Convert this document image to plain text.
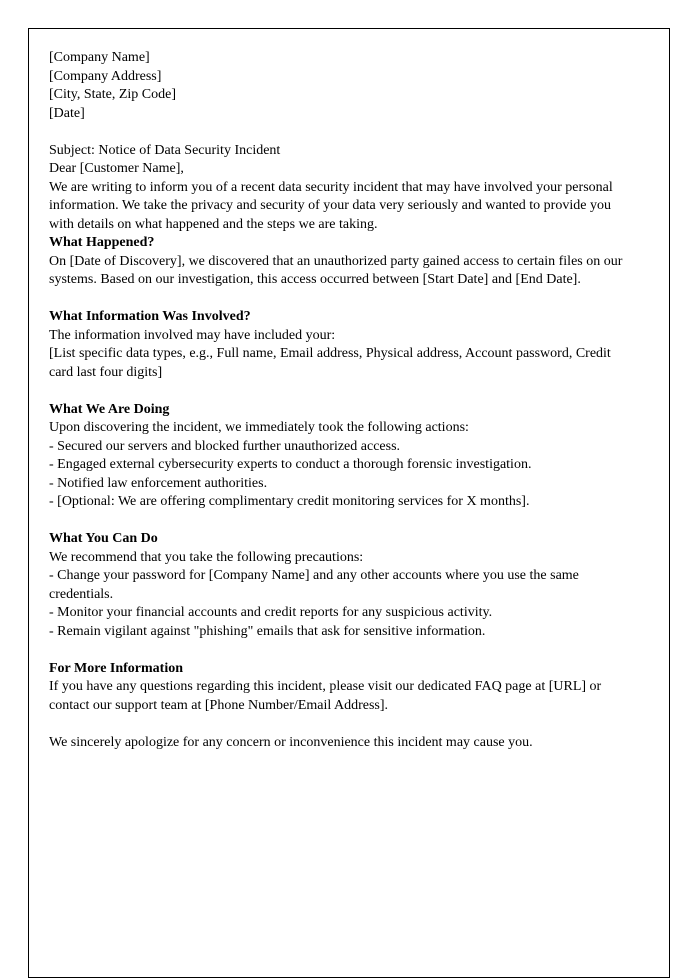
[Company Name]
[Company Address]
[City, State, Zip Code]
[Date]
Subject: Notice of Data Security Incident
Dear [Customer Name],
We are writing to inform you of a recent data security incident that may have involved your personal information. We take the privacy and security of your data very seriously and wanted to provide you with details on what happened and the steps we are taking.
What Happened?
On [Date of Discovery], we discovered that an unauthorized party gained access to certain files on our systems. Based on our investigation, this access occurred between [Start Date] and [End Date].
What Information Was Involved?
The information involved may have included your:
[List specific data types, e.g., Full name, Email address, Physical address, Account password, Credit card last four digits]
What We Are Doing
Upon discovering the incident, we immediately took the following actions:
- Secured our servers and blocked further unauthorized access.
- Engaged external cybersecurity experts to conduct a thorough forensic investigation.
- Notified law enforcement authorities.
- [Optional: We are offering complimentary credit monitoring services for X months].
What You Can Do
We recommend that you take the following precautions:
- Change your password for [Company Name] and any other accounts where you use the same credentials.
- Monitor your financial accounts and credit reports for any suspicious activity.
- Remain vigilant against "phishing" emails that ask for sensitive information.
For More Information
If you have any questions regarding this incident, please visit our dedicated FAQ page at [URL] or contact our support team at [Phone Number/Email Address].
We sincerely apologize for any concern or inconvenience this incident may cause you.
